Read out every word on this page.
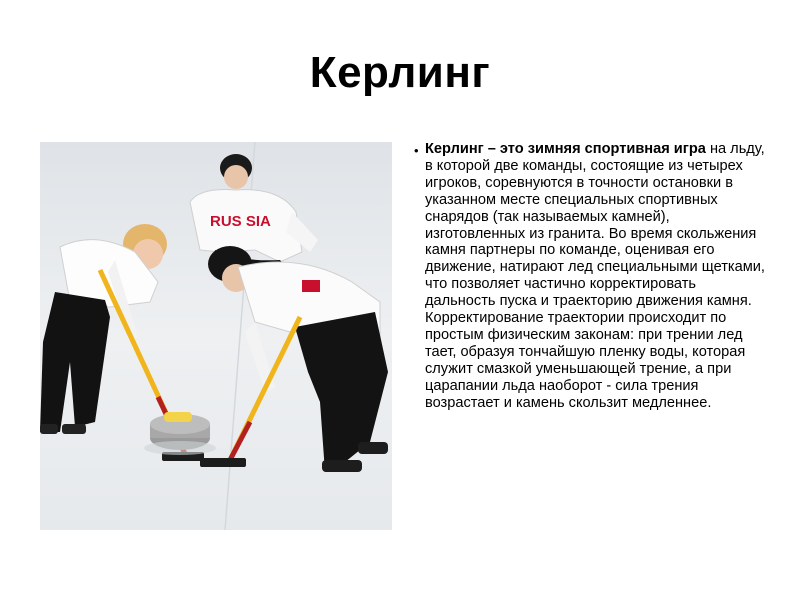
Керлинг
RUS SIA
• Керлинг – это зимняя спортивная игра на льду, в которой две команды, состоящие из четырех игроков, соревнуются в точности остановки в указанном месте специальных спортивных снарядов (так называемых камней), изготовленных из гранита. Во время скольжения камня партнеры по команде, оценивая его движение, натирают лед специальными щетками, что позволяет частично корректировать дальность пуска и траекторию движения камня. Корректирование траектории происходит по простым физическим законам: при трении лед тает, образуя тончайшую пленку воды, которая служит смазкой уменьшающей трение, а при царапании льда наоборот - сила трения возрастает и камень скользит медленнее.
